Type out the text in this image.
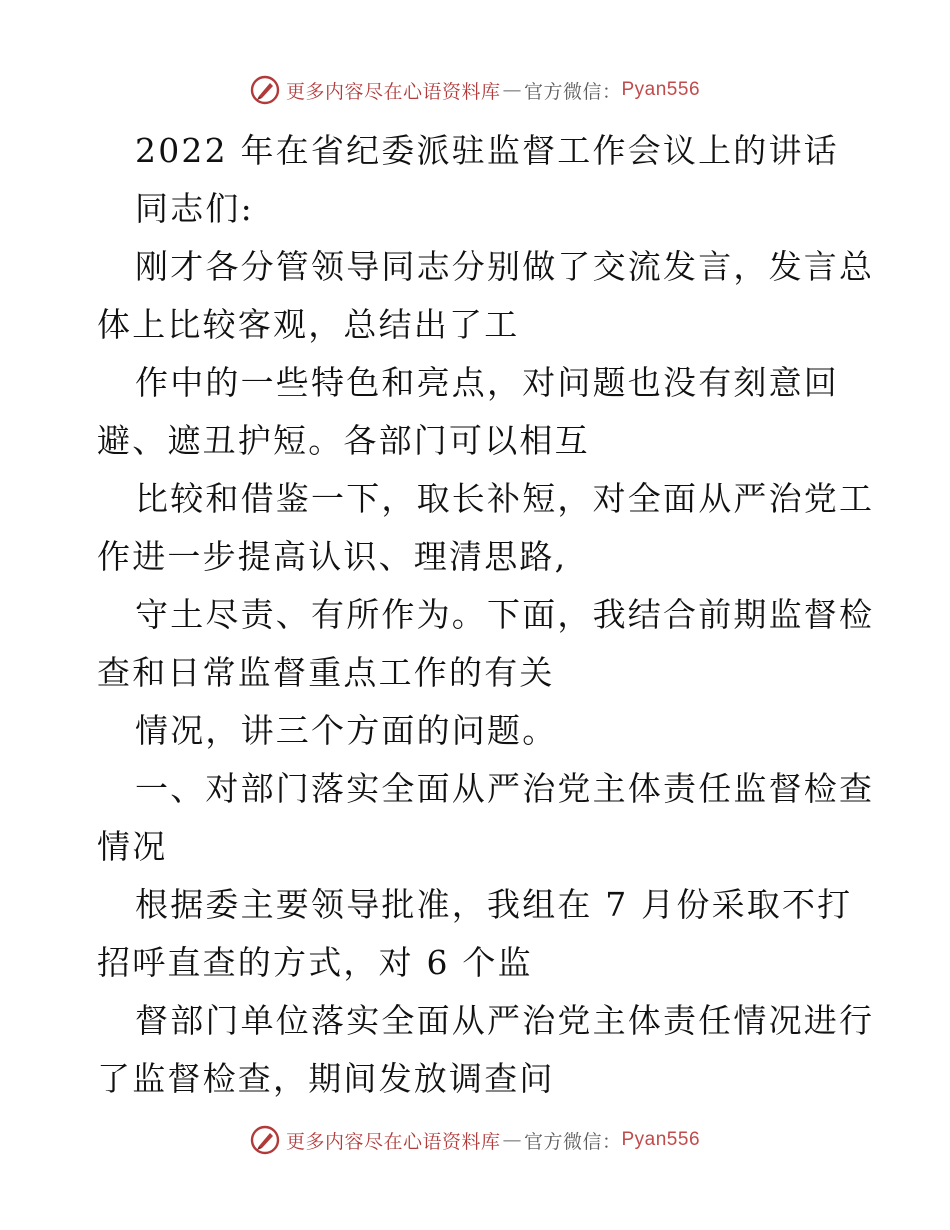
更多内容尽在心语资料库 — 官方微信： Pyan556
2022 年在省纪委派驻监督工作会议上的讲话
同志们:
刚才各分管领导同志分别做了交流发言，发言总
体上比较客观，总结出了工
作中的一些特色和亮点，对问题也没有刻意回
避、遮丑护短。各部门可以相互
比较和借鉴一下，取长补短，对全面从严治党工
作进一步提高认识、理清思路,
守土尽责、有所作为。下面，我结合前期监督检
查和日常监督重点工作的有关
情况，讲三个方面的问题。
一、对部门落实全面从严治党主体责任监督检查
情况
根据委主要领导批准，我组在 7 月份采取不打
招呼直查的方式，对 6 个监
督部门单位落实全面从严治党主体责任情况进行
了监督检查，期间发放调查问
更多内容尽在心语资料库 — 官方微信： Pyan556
